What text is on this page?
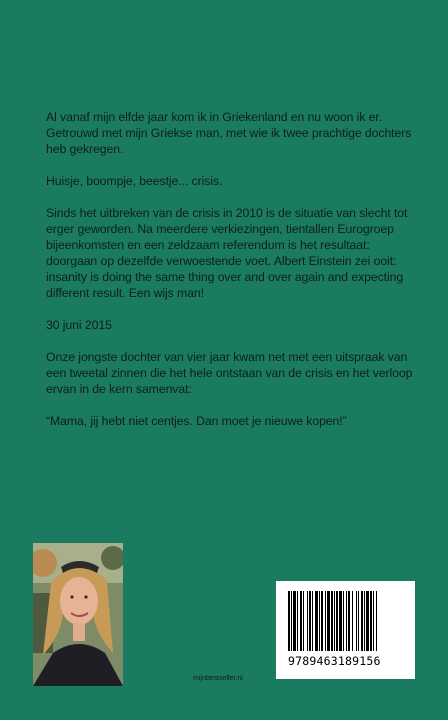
Al vanaf mijn elfde jaar kom ik in Griekenland en nu woon ik er. Getrouwd met mijn Griekse man, met wie ik twee prachtige dochters heb gekregen.

Huisje, boompje, beestje... crisis.

Sinds het uitbreken van de crisis in 2010 is de situatie van slecht tot erger geworden. Na meerdere verkiezingen, tientallen Eurogroep bijeenkomsten en een zeldzaam referendum is het resultaat: doorgaan op dezelfde verwoestende voet. Albert Einstein zei ooit: insanity is doing the same thing over and over again and expecting different result. Een wijs man!

30 juni 2015

Onze jongste dochter van vier jaar kwam net met een uitspraak van een tweetal zinnen die het hele ontstaan van de crisis en het verloop ervan in de kern samenvat:

“Mama, jij hebt niet centjes. Dan moet je nieuwe kopen!”

9789463189156
mijnbestseller.nl
